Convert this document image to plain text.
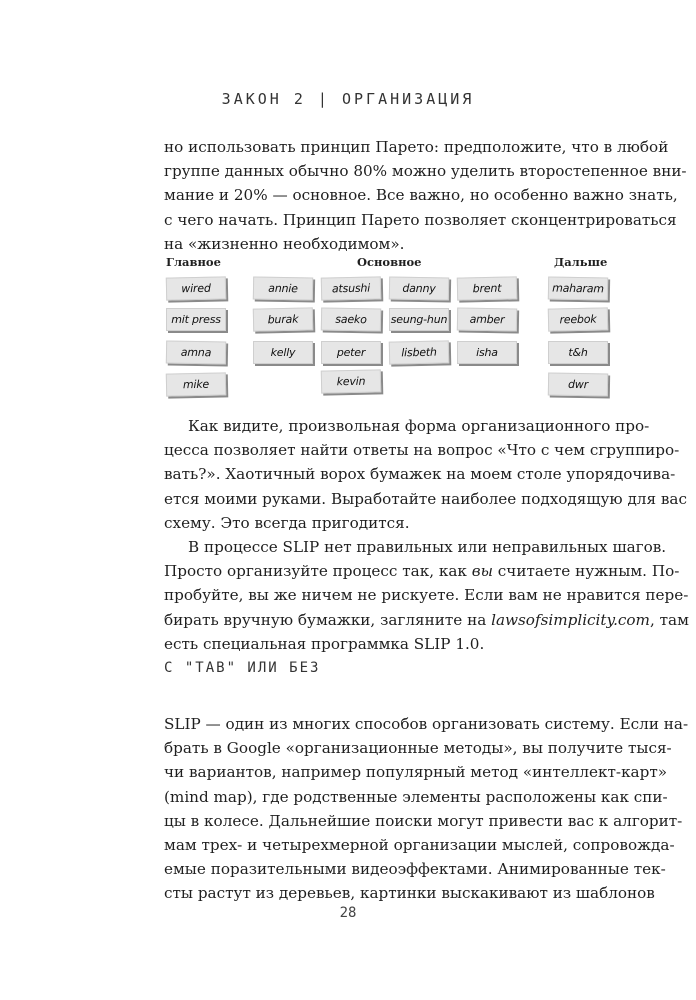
ЗАКОН 2 | ОРГАНИЗАЦИЯ
но использовать принцип Парето: предположите, что в любой
группе данных обычно 80% можно уделить второстепенное вни-
мание и 20% — основное. Все важно, но особенно важно знать,
с чего начать. Принцип Парето позволяет сконцентрироваться
на «жизненно необходимом».
Главное	Основное	Дальше
wired
mit press
amna
mike
annie
burak
kelly
atsushi
saeko
peter
kevin
danny
seung-hun
lisbeth
brent
amber
isha
maharam
reebok
t&h
dwr
Как видите, произвольная форма организационного про-
цесса позволяет найти ответы на вопрос «Что с чем сгруппиро-
вать?». Хаотичный ворох бумажек на моем столе упорядочива-
ется моими руками. Выработайте наиболее подходящую для вас
схему. Это всегда пригодится.
В процессе SLIP нет правильных или неправильных шагов.
Просто организуйте процесс так, как вы считаете нужным. По-
пробуйте, вы же ничем не рискуете. Если вам не нравится пере-
бирать вручную бумажки, загляните на lawsofsimplicity.com, там
есть специальная программка SLIP 1.0.
С "ТАВ" ИЛИ БЕЗ
SLIP — один из многих способов организовать систему. Если на-
брать в Google «организационные методы», вы получите тыся-
чи вариантов, например популярный метод «интеллект-карт»
(mind map), где родственные элементы расположены как спи-
цы в колесе. Дальнейшие поиски могут привести вас к алгорит-
мам трех- и четырехмерной организации мыслей, сопровожда-
емые поразительными видеоэффектами. Анимированные тек-
сты растут из деревьев, картинки выскакивают из шаблонов
28
